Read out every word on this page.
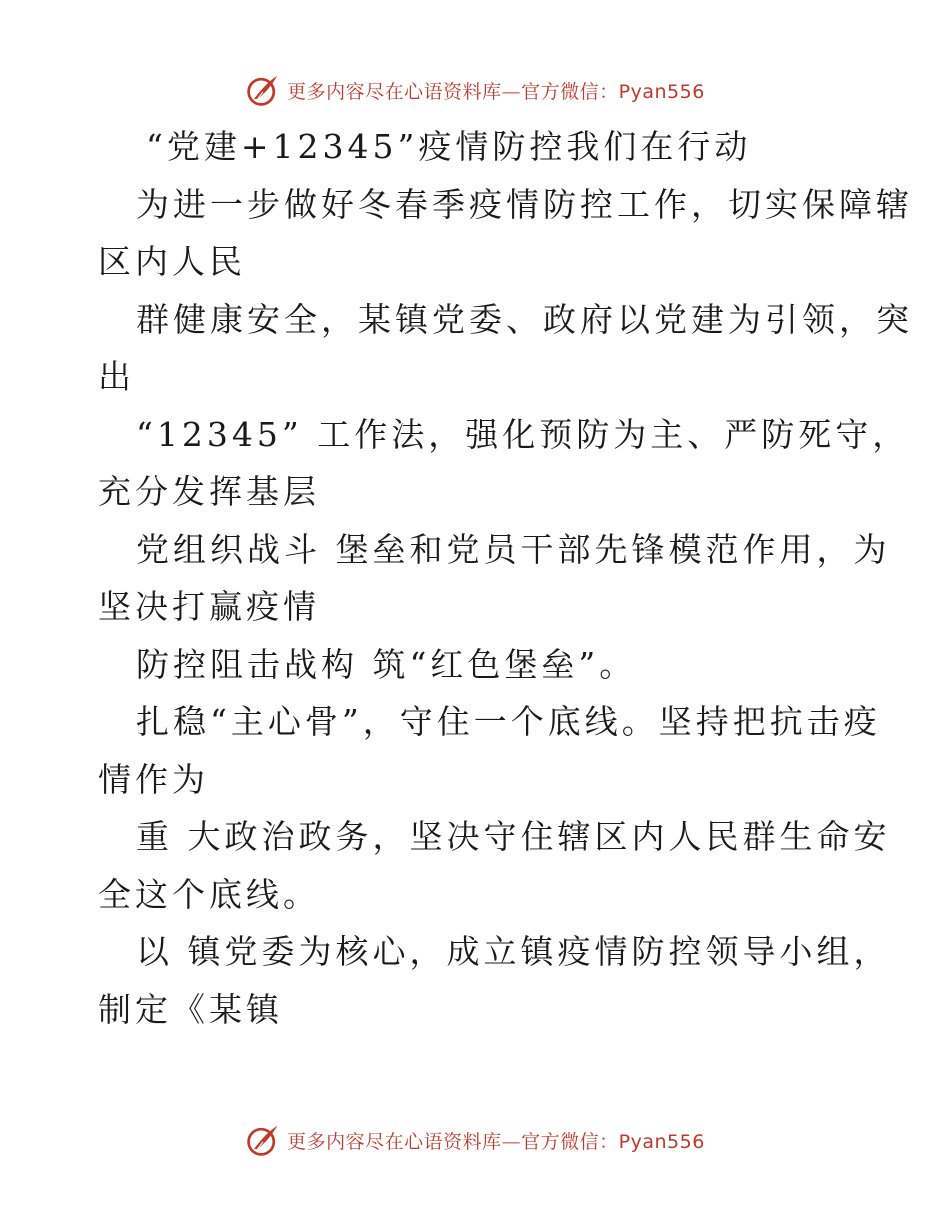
更多内容尽在心语资料库—官方微信：Pyan556
“党建+12345”疫情防控我们在行动
为进一步做好冬春季疫情防控工作，切实保障辖
区内人民
群健康安全，某镇党委、政府以党建为引领，突
出
“12345” 工作法，强化预防为主、严防死守，
充分发挥基层
党组织战斗 堡垒和党员干部先锋模范作用，为
坚决打赢疫情
防控阻击战构 筑“红色堡垒”。
扎稳“主心骨”，守住一个底线。坚持把抗击疫
情作为
重 大政治政务，坚决守住辖区内人民群生命安
全这个底线。
以 镇党委为核心，成立镇疫情防控领导小组，
制定《某镇
更多内容尽在心语资料库—官方微信：Pyan556
